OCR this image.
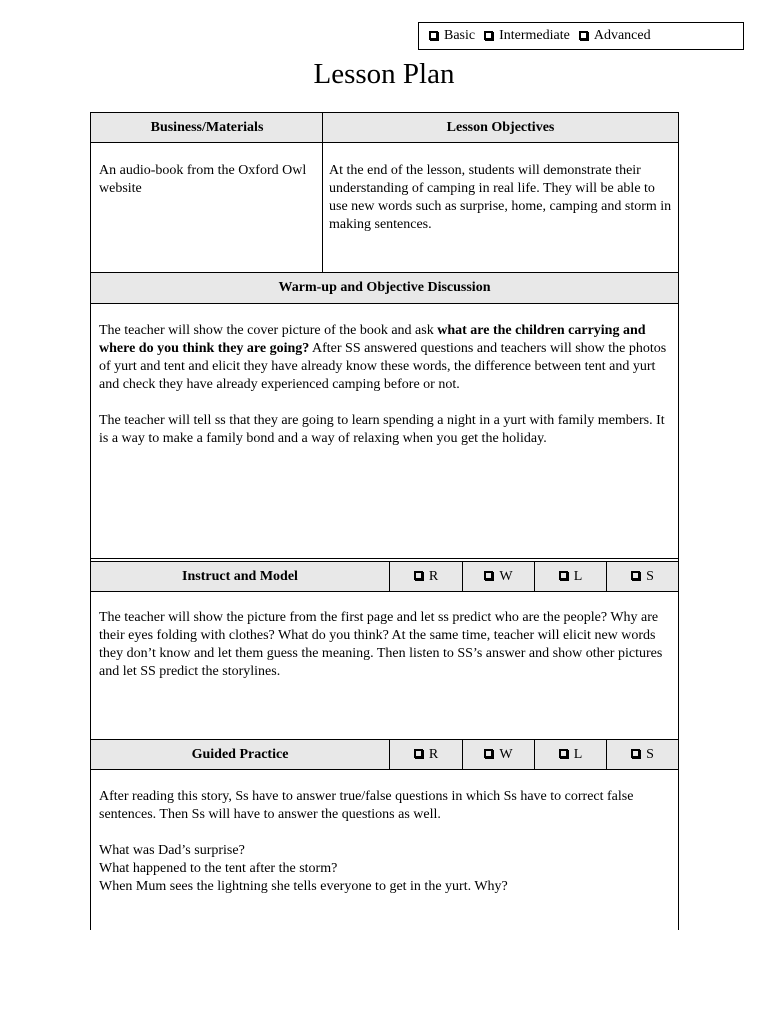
Basic Intermediate Advanced
Lesson Plan
Business/Materials	Lesson Objectives
An audio-book from the Oxford Owl website
At the end of the lesson, students will demonstrate their understanding of camping in real life. They will be able to use new words such as surprise, home, camping and storm in making sentences.
Warm-up and Objective Discussion

The teacher will show the cover picture of the book and ask what are the children carrying and where do you think they are going? After SS answered questions and teachers will show the photos of yurt and tent and elicit they have already know these words, the difference between tent and yurt and check they have already experienced camping before or not.

The teacher will tell ss that they are going to learn spending a night in a yurt with family members. It is a way to make a family bond and a way of relaxing when you get the holiday.

Instruct and Model	R	W	L	S
The teacher will show the picture from the first page and let ss predict who are the people? Why are their eyes folding with clothes? What do you think? At the same time, teacher will elicit new words they don’t know and let them guess the meaning. Then listen to SS’s answer and show other pictures and let SS predict the storylines.
Guided Practice	R	W	L	S

After reading this story, Ss have to answer true/false questions in which Ss have to correct false sentences. Then Ss will have to answer the questions as well.

What was Dad’s surprise?

What happened to the tent after the storm?

When Mum sees the lightning she tells everyone to get in the yurt. Why?
